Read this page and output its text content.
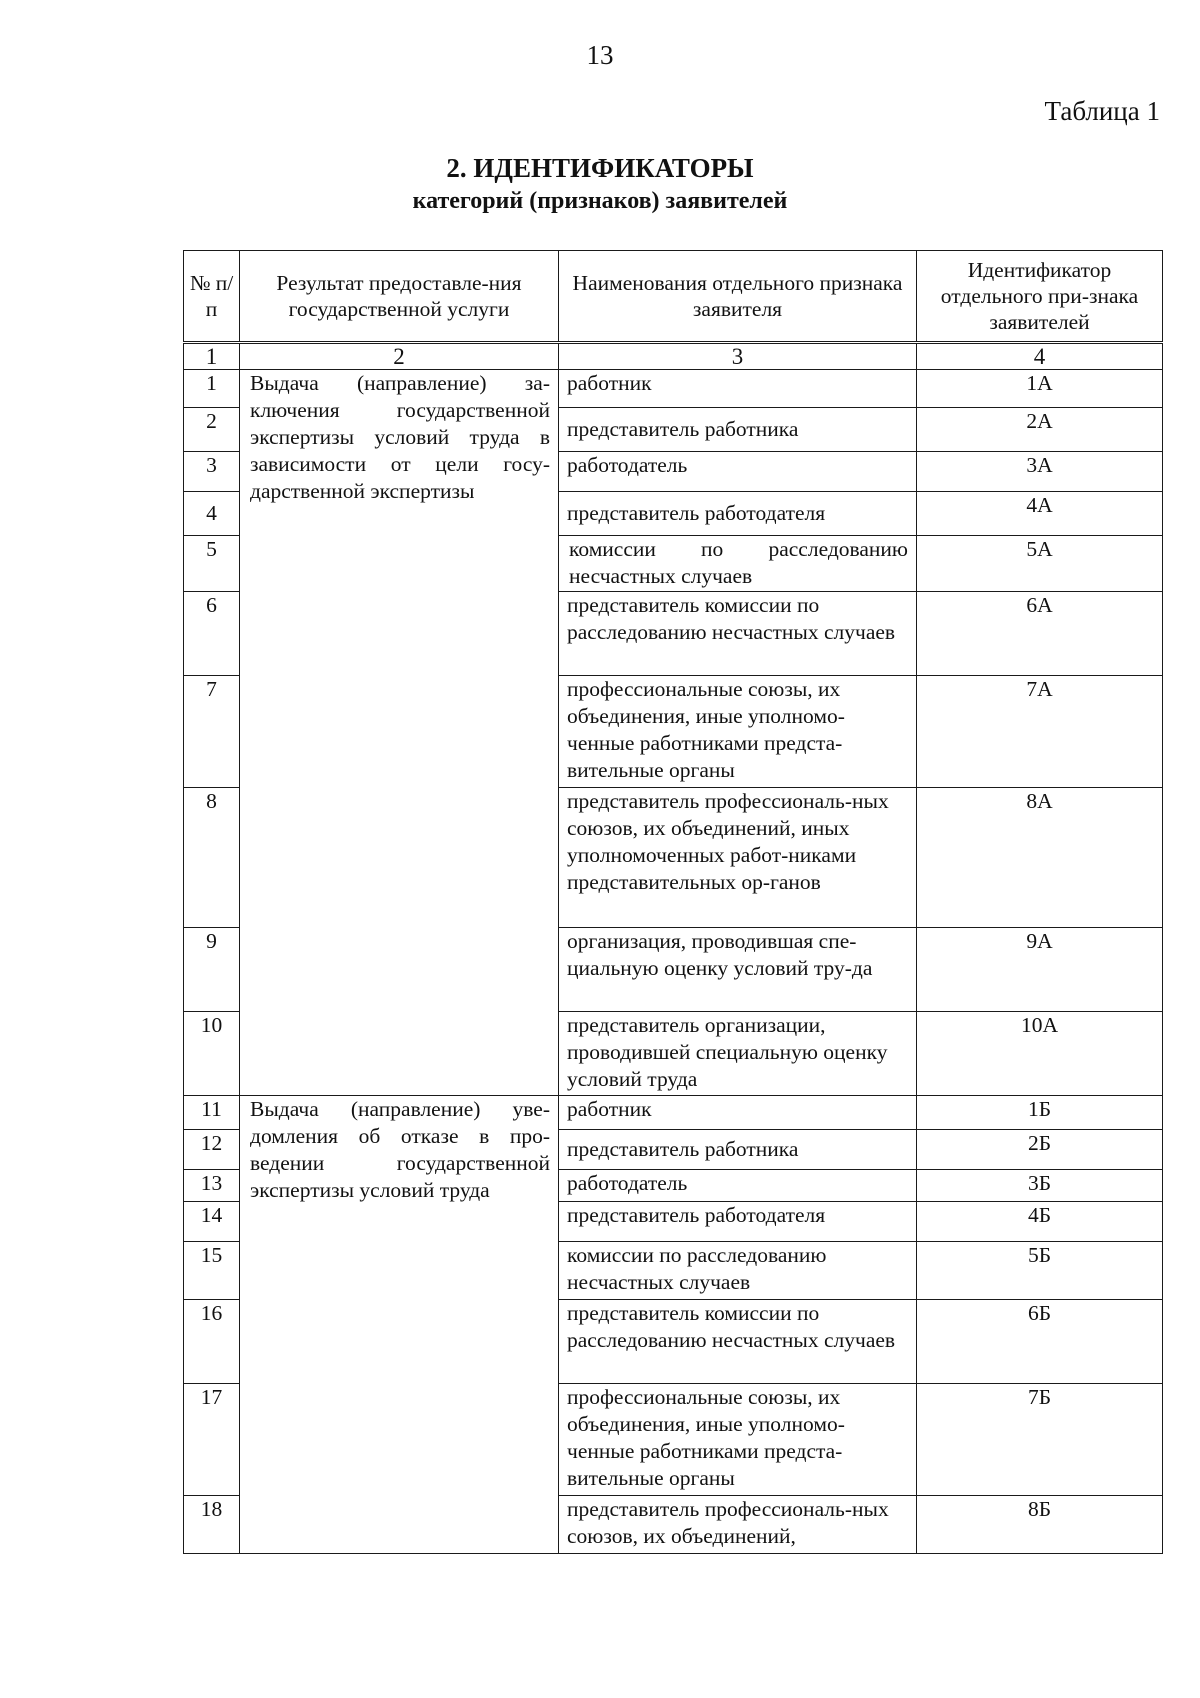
13
Таблица 1
2. ИДЕНТИФИКАТОРЫ
категорий (признаков) заявителей
№ п/ п	Результат предоставле-ния государственной услуги	Наименования отдельного признака заявителя	Идентификатор отдельного при-знака заявителей
1	2	3	4
1	Выдача (направление) за-ключения государственной экспертизы условий труда в зависимости от цели госу-дарственной экспертизы	работник	1А
2		представитель работника	2А
3		работодатель	3А
4		представитель работодателя	4А
5		комиссии по расследованию несчастных случаев	5А
6		представитель комиссии по расследованию несчастных случаев	6А
7		профессиональные союзы, их объединения, иные уполномо-ченные работниками предста-вительные органы	7А
8		представитель профессиональ-ных союзов, их объединений, иных уполномоченных работ-никами представительных ор-ганов	8А
9		организация, проводившая спе-циальную оценку условий тру-да	9А
10		представитель организации, проводившей специальную оценку условий труда	10А
11	Выдача (направление) уве-домления об отказе в про-ведении государственной экспертизы условий труда	работник	1Б
12		представитель работника	2Б
13		работодатель	3Б
14		представитель работодателя	4Б
15		комиссии по расследованию несчастных случаев	5Б
16		представитель комиссии по расследованию несчастных случаев	6Б
17		профессиональные союзы, их объединения, иные уполномо-ченные работниками предста-вительные органы	7Б
18		представитель профессиональ-ных союзов, их объединений,	8Б
